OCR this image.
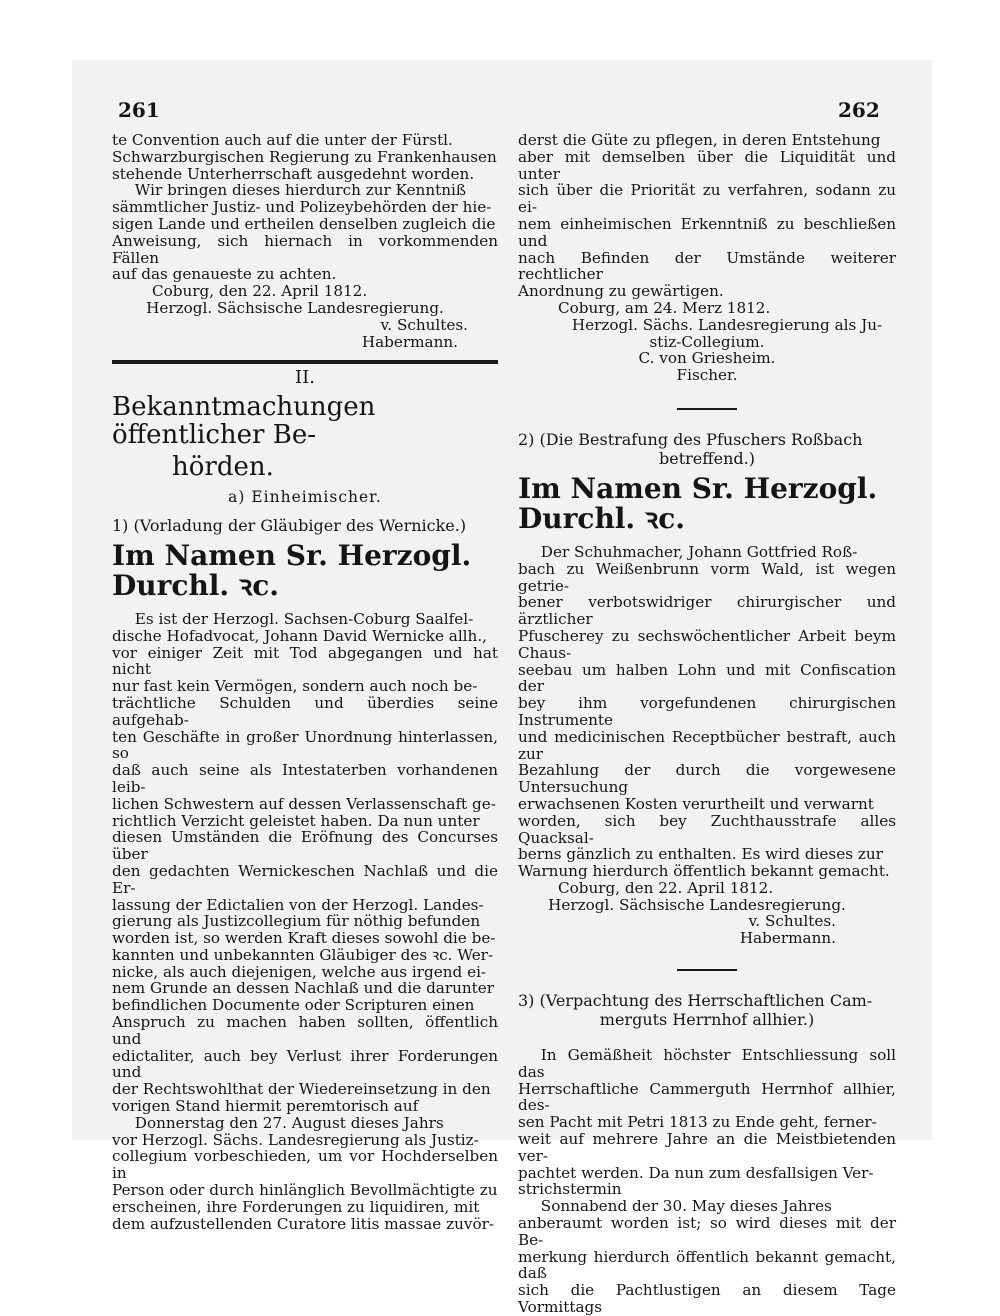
261	262

te Convention auch auf die unter der Fürstl.

Schwarzburgischen Regierung zu Frankenhausen

stehende Unterherrschaft ausgedehnt worden.

Wir bringen dieses hierdurch zur Kenntniß

sämmtlicher Justiz- und Polizeybehörden der hie-

sigen Lande und ertheilen denselben zugleich die

Anweisung, sich hiernach in vorkommenden Fällen

auf das genaueste zu achten.

Coburg, den 22. April 1812.

Herzogl. Sächsische Landesregierung.

v. Schultes.

Habermann.

II.
Bekanntmachungen öffentlicher Be-
hörden.
a) Einheimischer.
1) (Vorladung der Gläubiger des Wernicke.)
Im Namen Sr. Herzogl. Durchl. ꝛc.

Es ist der Herzogl. Sachsen-Coburg Saalfel-

dische Hofadvocat, Johann David Wernicke allh.,

vor einiger Zeit mit Tod abgegangen und hat nicht

nur fast kein Vermögen, sondern auch noch be-

trächtliche Schulden und überdies seine aufgehab-

ten Geschäfte in großer Unordnung hinterlassen, so

daß auch seine als Intestaterben vorhandenen leib-

lichen Schwestern auf dessen Verlassenschaft ge-

richtlich Verzicht geleistet haben. Da nun unter

diesen Umständen die Eröfnung des Concurses über

den gedachten Wernickeschen Nachlaß und die Er-

lassung der Edictalien von der Herzogl. Landes-

gierung als Justizcollegium für nöthig befunden

worden ist, so werden Kraft dieses sowohl die be-

kannten und unbekannten Gläubiger des ꝛc. Wer-

nicke, als auch diejenigen, welche aus irgend ei-

nem Grunde an dessen Nachlaß und die darunter

befindlichen Documente oder Scripturen einen

Anspruch zu machen haben sollten, öffentlich und

edictaliter, auch bey Verlust ihrer Forderungen und

der Rechtswohlthat der Wiedereinsetzung in den

vorigen Stand hiermit peremtorisch auf

Donnerstag den 27. August dieses Jahrs

vor Herzogl. Sächs. Landesregierung als Justiz-

collegium vorbeschieden, um vor Hochderselben in

Person oder durch hinlänglich Bevollmächtigte zu

erscheinen, ihre Forderungen zu liquidiren, mit

dem aufzustellenden Curatore litis massae zuvör-

derst die Güte zu pflegen, in deren Entstehung

aber mit demselben über die Liquidität und unter

sich über die Priorität zu verfahren, sodann zu ei-

nem einheimischen Erkenntniß zu beschließen und

nach Befinden der Umstände weiterer rechtlicher

Anordnung zu gewärtigen.

Coburg, am 24. Merz 1812.

Herzogl. Sächs. Landesregierung als Ju-

stiz-Collegium.

C. von Griesheim.

Fischer.

2) (Die Bestrafung des Pfuschers Roßbach
betreffend.)
Im Namen Sr. Herzogl. Durchl. ꝛc.

Der Schuhmacher, Johann Gottfried Roß-

bach zu Weißenbrunn vorm Wald, ist wegen getrie-

bener verbotswidriger chirurgischer und ärztlicher

Pfuscherey zu sechswöchentlicher Arbeit beym Chaus-

seebau um halben Lohn und mit Confiscation der

bey ihm vorgefundenen chirurgischen Instrumente

und medicinischen Receptbücher bestraft, auch zur

Bezahlung der durch die vorgewesene Untersuchung

erwachsenen Kosten verurtheilt und verwarnt

worden, sich bey Zuchthausstrafe alles Quacksal-

berns gänzlich zu enthalten. Es wird dieses zur

Warnung hierdurch öffentlich bekannt gemacht.

Coburg, den 22. April 1812.

Herzogl. Sächsische Landesregierung.

v. Schultes.

Habermann.

3) (Verpachtung des Herrschaftlichen Cam-
merguts Herrnhof allhier.)

In Gemäßheit höchster Entschliessung soll das

Herrschaftliche Cammerguth Herrnhof allhier, des-

sen Pacht mit Petri 1813 zu Ende geht, ferner-

weit auf mehrere Jahre an die Meistbietenden ver-

pachtet werden. Da nun zum desfallsigen Ver-

strichstermin

Sonnabend der 30. May dieses Jahres

anberaumt worden ist; so wird dieses mit der Be-

merkung hierdurch öffentlich bekannt gemacht, daß

sich die Pachtlustigen an diesem Tage Vormittags
